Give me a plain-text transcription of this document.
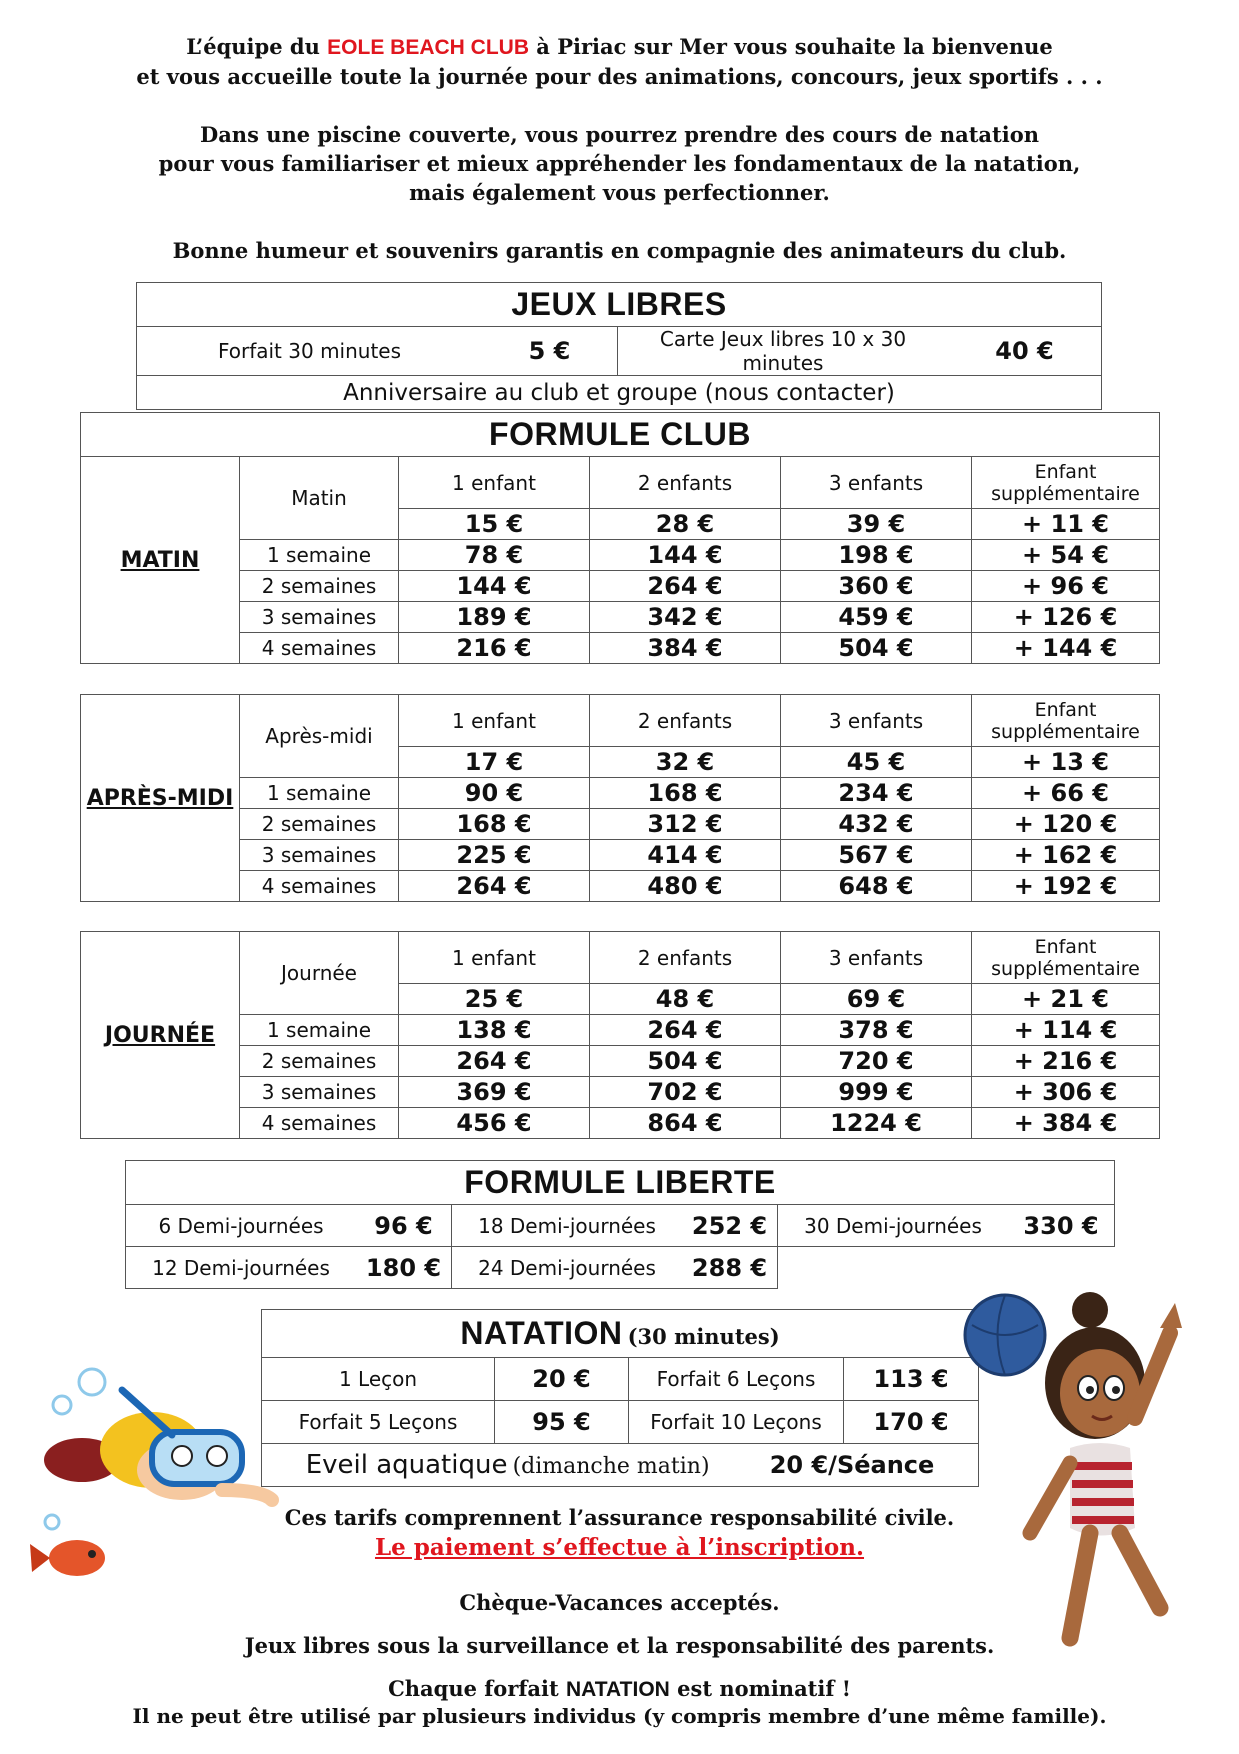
L’équipe du EOLE BEACH CLUB à Piriac sur Mer vous souhaite la bienvenue
et vous accueille toute la journée pour des animations, concours, jeux sportifs . . .
Dans une piscine couverte, vous pourrez prendre des cours de natation
pour vous familiariser et mieux appréhender les fondamentaux de la natation,
mais également vous perfectionner.
Bonne humeur et souvenirs garantis en compagnie des animateurs du club.
JEUX LIBRES
Forfait 30 minutes	5 €	Carte Jeux libres 10 x 30 minutes	40 €
Anniversaire au club et groupe (nous contacter)
FORMULE CLUB					
MATIN	Matin	1 enfant	2 enfants	3 enfants	Enfant
supplémentaire
		15 €	28 €	39 €	+ 11 €
	1 semaine	78 €	144 €	198 €	+ 54 €
	2 semaines	144 €	264 €	360 €	+ 96 €
	3 semaines	189 €	342 €	459 €	+ 126 €
	4 semaines	216 €	384 €	504 €	+ 144 €
APRÈS-MIDI	Après-midi	1 enfant	2 enfants	3 enfants	Enfant
supplémentaire
		17 €	32 €	45 €	+ 13 €
	1 semaine	90 €	168 €	234 €	+ 66 €
	2 semaines	168 €	312 €	432 €	+ 120 €
	3 semaines	225 €	414 €	567 €	+ 162 €
	4 semaines	264 €	480 €	648 €	+ 192 €
JOURNÉE	Journée	1 enfant	2 enfants	3 enfants	Enfant
supplémentaire
		25 €	48 €	69 €	+ 21 €
	1 semaine	138 €	264 €	378 €	+ 114 €
	2 semaines	264 €	504 €	720 €	+ 216 €
	3 semaines	369 €	702 €	999 €	+ 306 €
	4 semaines	456 €	864 €	1224 €	+ 384 €
FORMULE LIBERTE					
6 Demi-journées	96 €	18 Demi-journées	252 €	30 Demi-journées	330 €
12 Demi-journées	180 €	24 Demi-journées	288 €		
NATATION (30 minutes)			
1 Leçon	20 €	Forfait 6 Leçons	113 €
Forfait 5 Leçons	95 €	Forfait 10 Leçons	170 €
Eveil aquatique (dimanche matin) 20 €/Séance			
Ces tarifs comprennent l’assurance responsabilité civile.
Le paiement s’effectue à l’inscription.
Chèque-Vacances acceptés.
Jeux libres sous la surveillance et la responsabilité des parents.
Chaque forfait NATATION est nominatif !
Il ne peut être utilisé par plusieurs individus (y compris membre d’une même famille).
